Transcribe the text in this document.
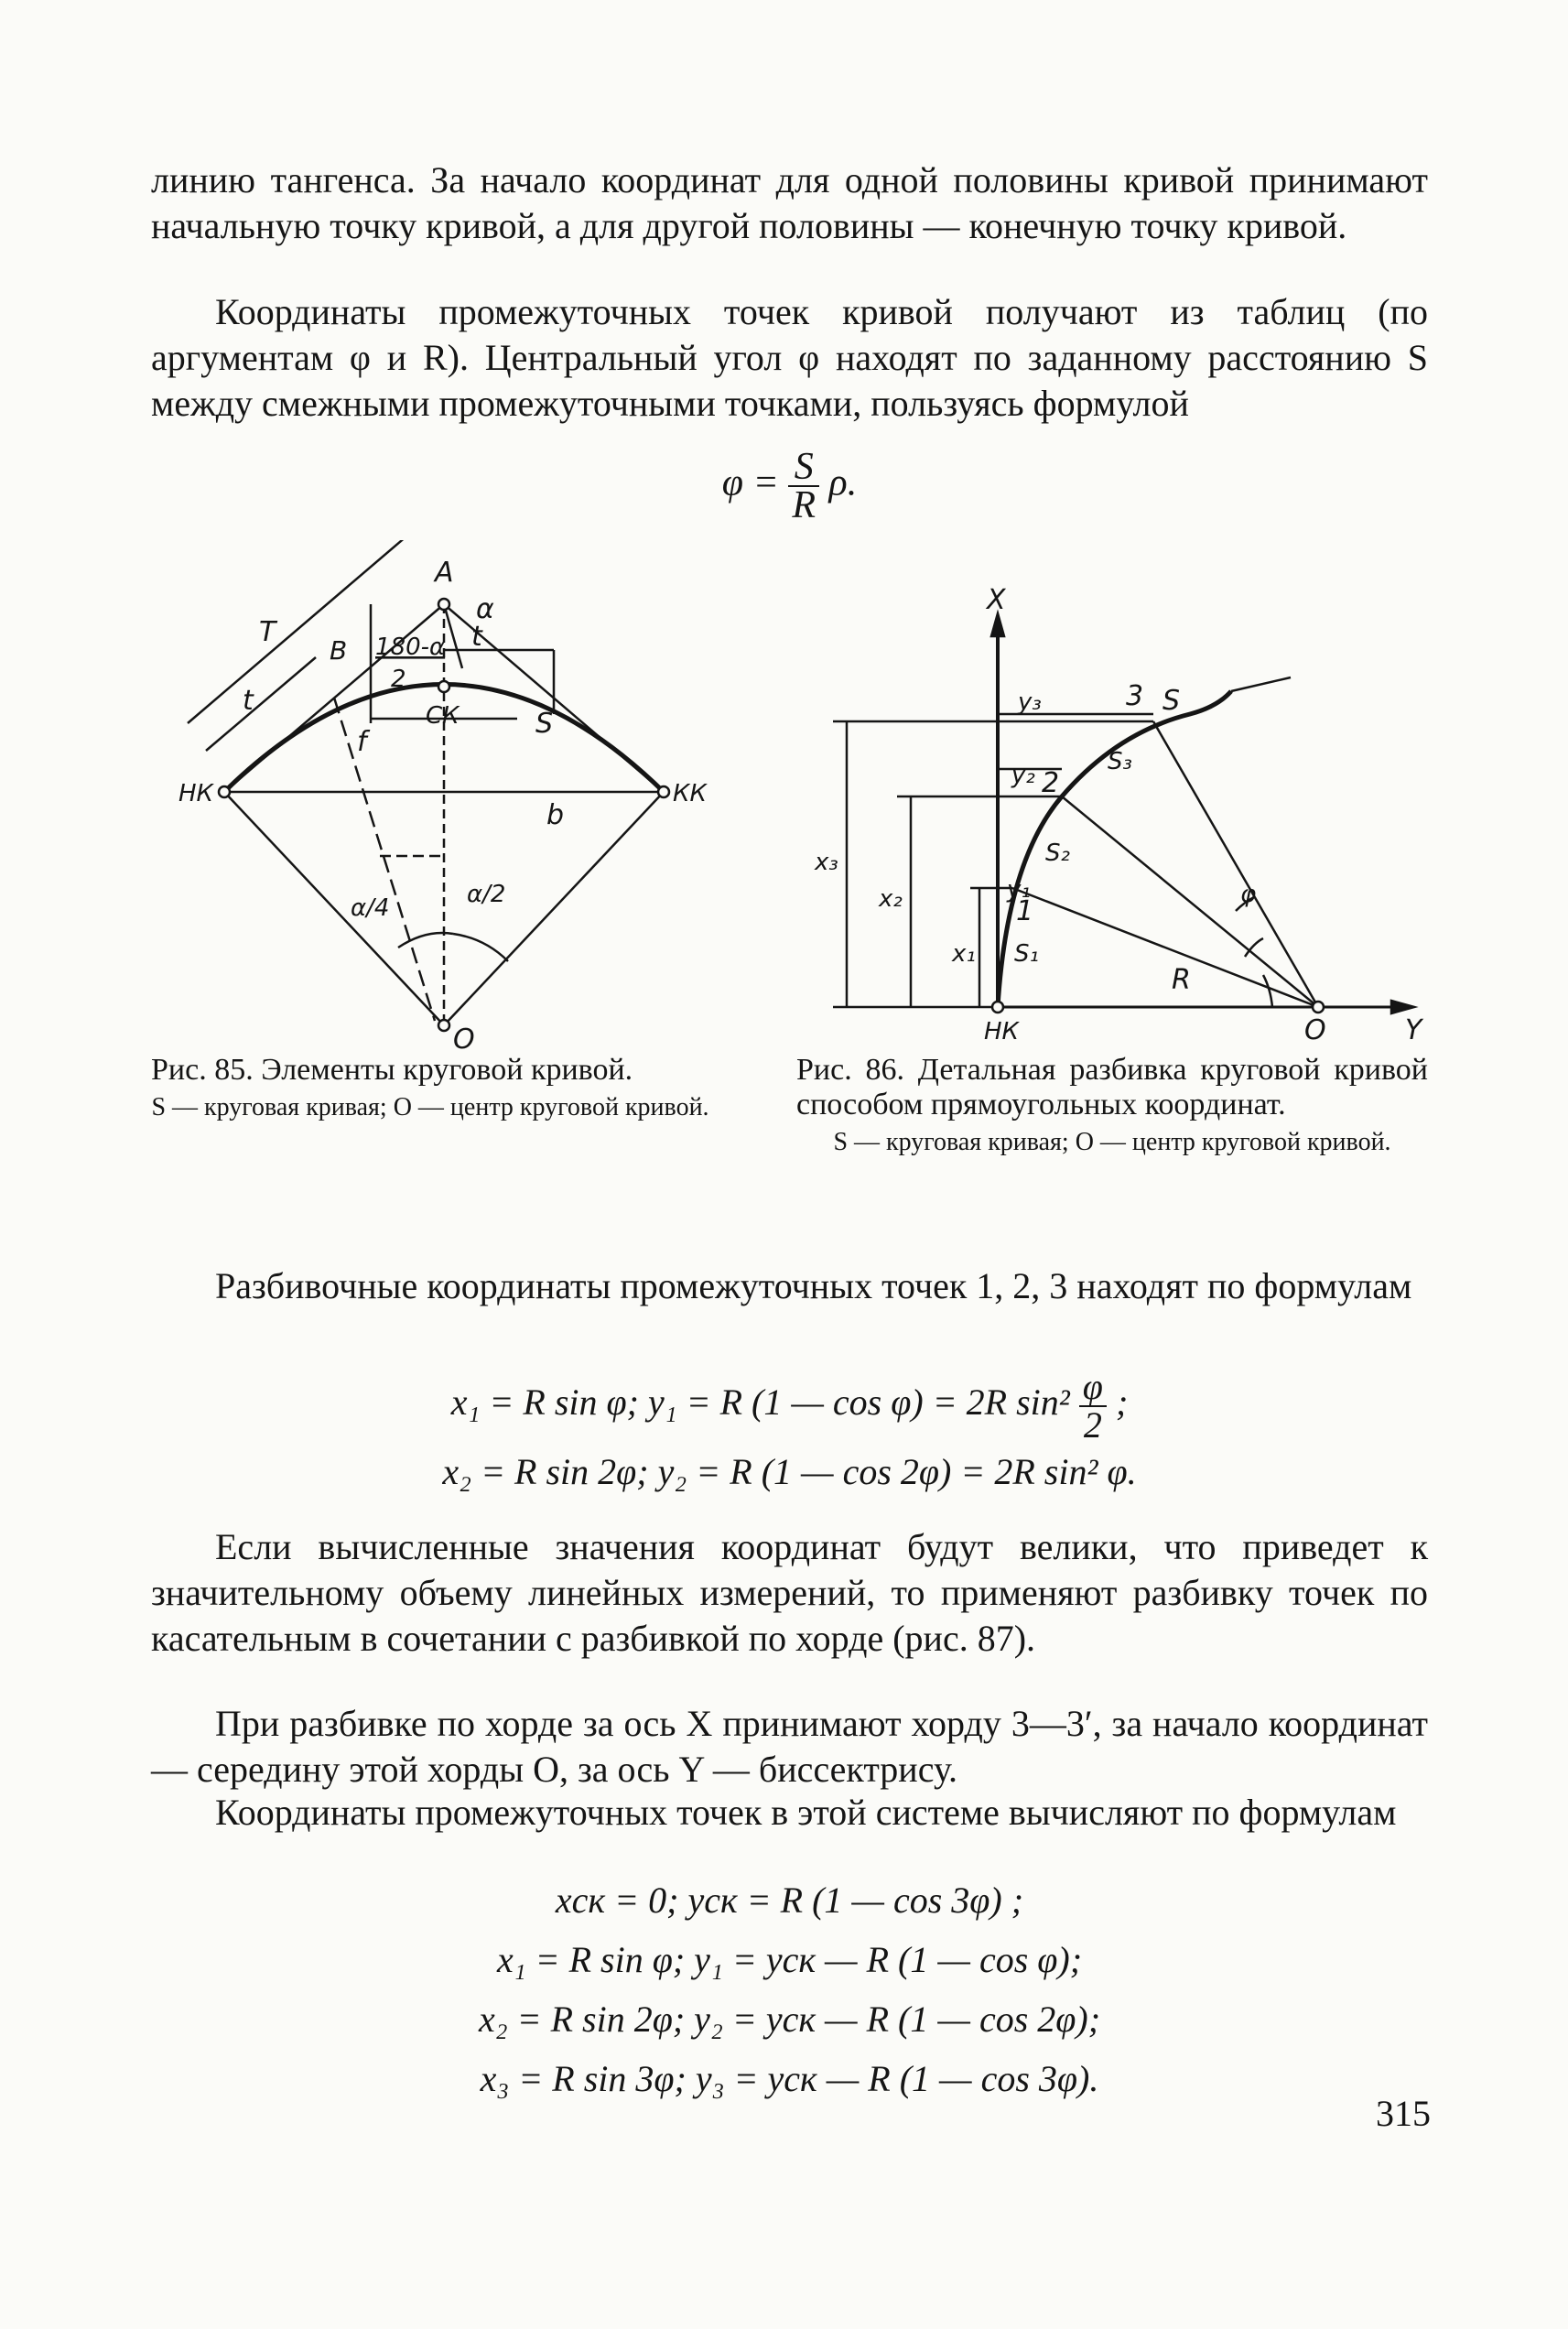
линию тангенса. За начало координат для одной половины кривой принимают начальную точку кривой, а для другой половины — конечную точку кривой.

Координаты промежуточных точек кривой получают из таблиц (по аргументам φ и R). Центральный угол φ находят по заданному расстоянию S между смежными промежуточными точками, пользуясь формулой

$\varphi = \frac{S}{R} \rho$.
A
α
T
B
t
t
180-α
2
f
СК	S
НК	КК
b
α/4	α/2
O
Рис. 85. Элементы круговой кривой.
S — круговая кривая; O — центр круговой кривой.
X
Y
y₁
y₂
y₃
x₁
x₂
x₃
1
2
3
S₁
S₂
S₃
S
R
φ
НК	O
Рис. 86. Детальная разбивка круговой кривой способом прямоугольных координат.
S — круговая кривая; O — центр круговой кривой.

Разбивочные координаты промежуточных точек 1, 2, 3 находят по формулам

x₁ = R sin φ; y₁ = R (1 — cos φ) = 2R $\sin^2 \frac{\varphi}{2}$ ;
x₂ = R sin 2φ; y₂ = R (1 — cos 2φ) = 2R sin² φ.

Если вычисленные значения координат будут велики, что приведет к значительному объему линейных измерений, то применяют разбивку точек по касательным в сочетании с разбивкой по хорде (рис. 87).

При разбивке по хорде за ось X принимают хорду 3—3′, за начало координат — середину этой хорды O, за ось Y — биссектрису.

Координаты промежуточных точек в этой системе вычисляют по формулам

xск = 0; yск = R (1 — cos 3φ) ;
x₁ = R sin φ; y₁ = yск — R (1 — cos φ);
x₂ = R sin 2φ; y₂ = yск — R (1 — cos 2φ);
x₃ = R sin 3φ; y₃ = yск — R (1 — cos 3φ).
315
